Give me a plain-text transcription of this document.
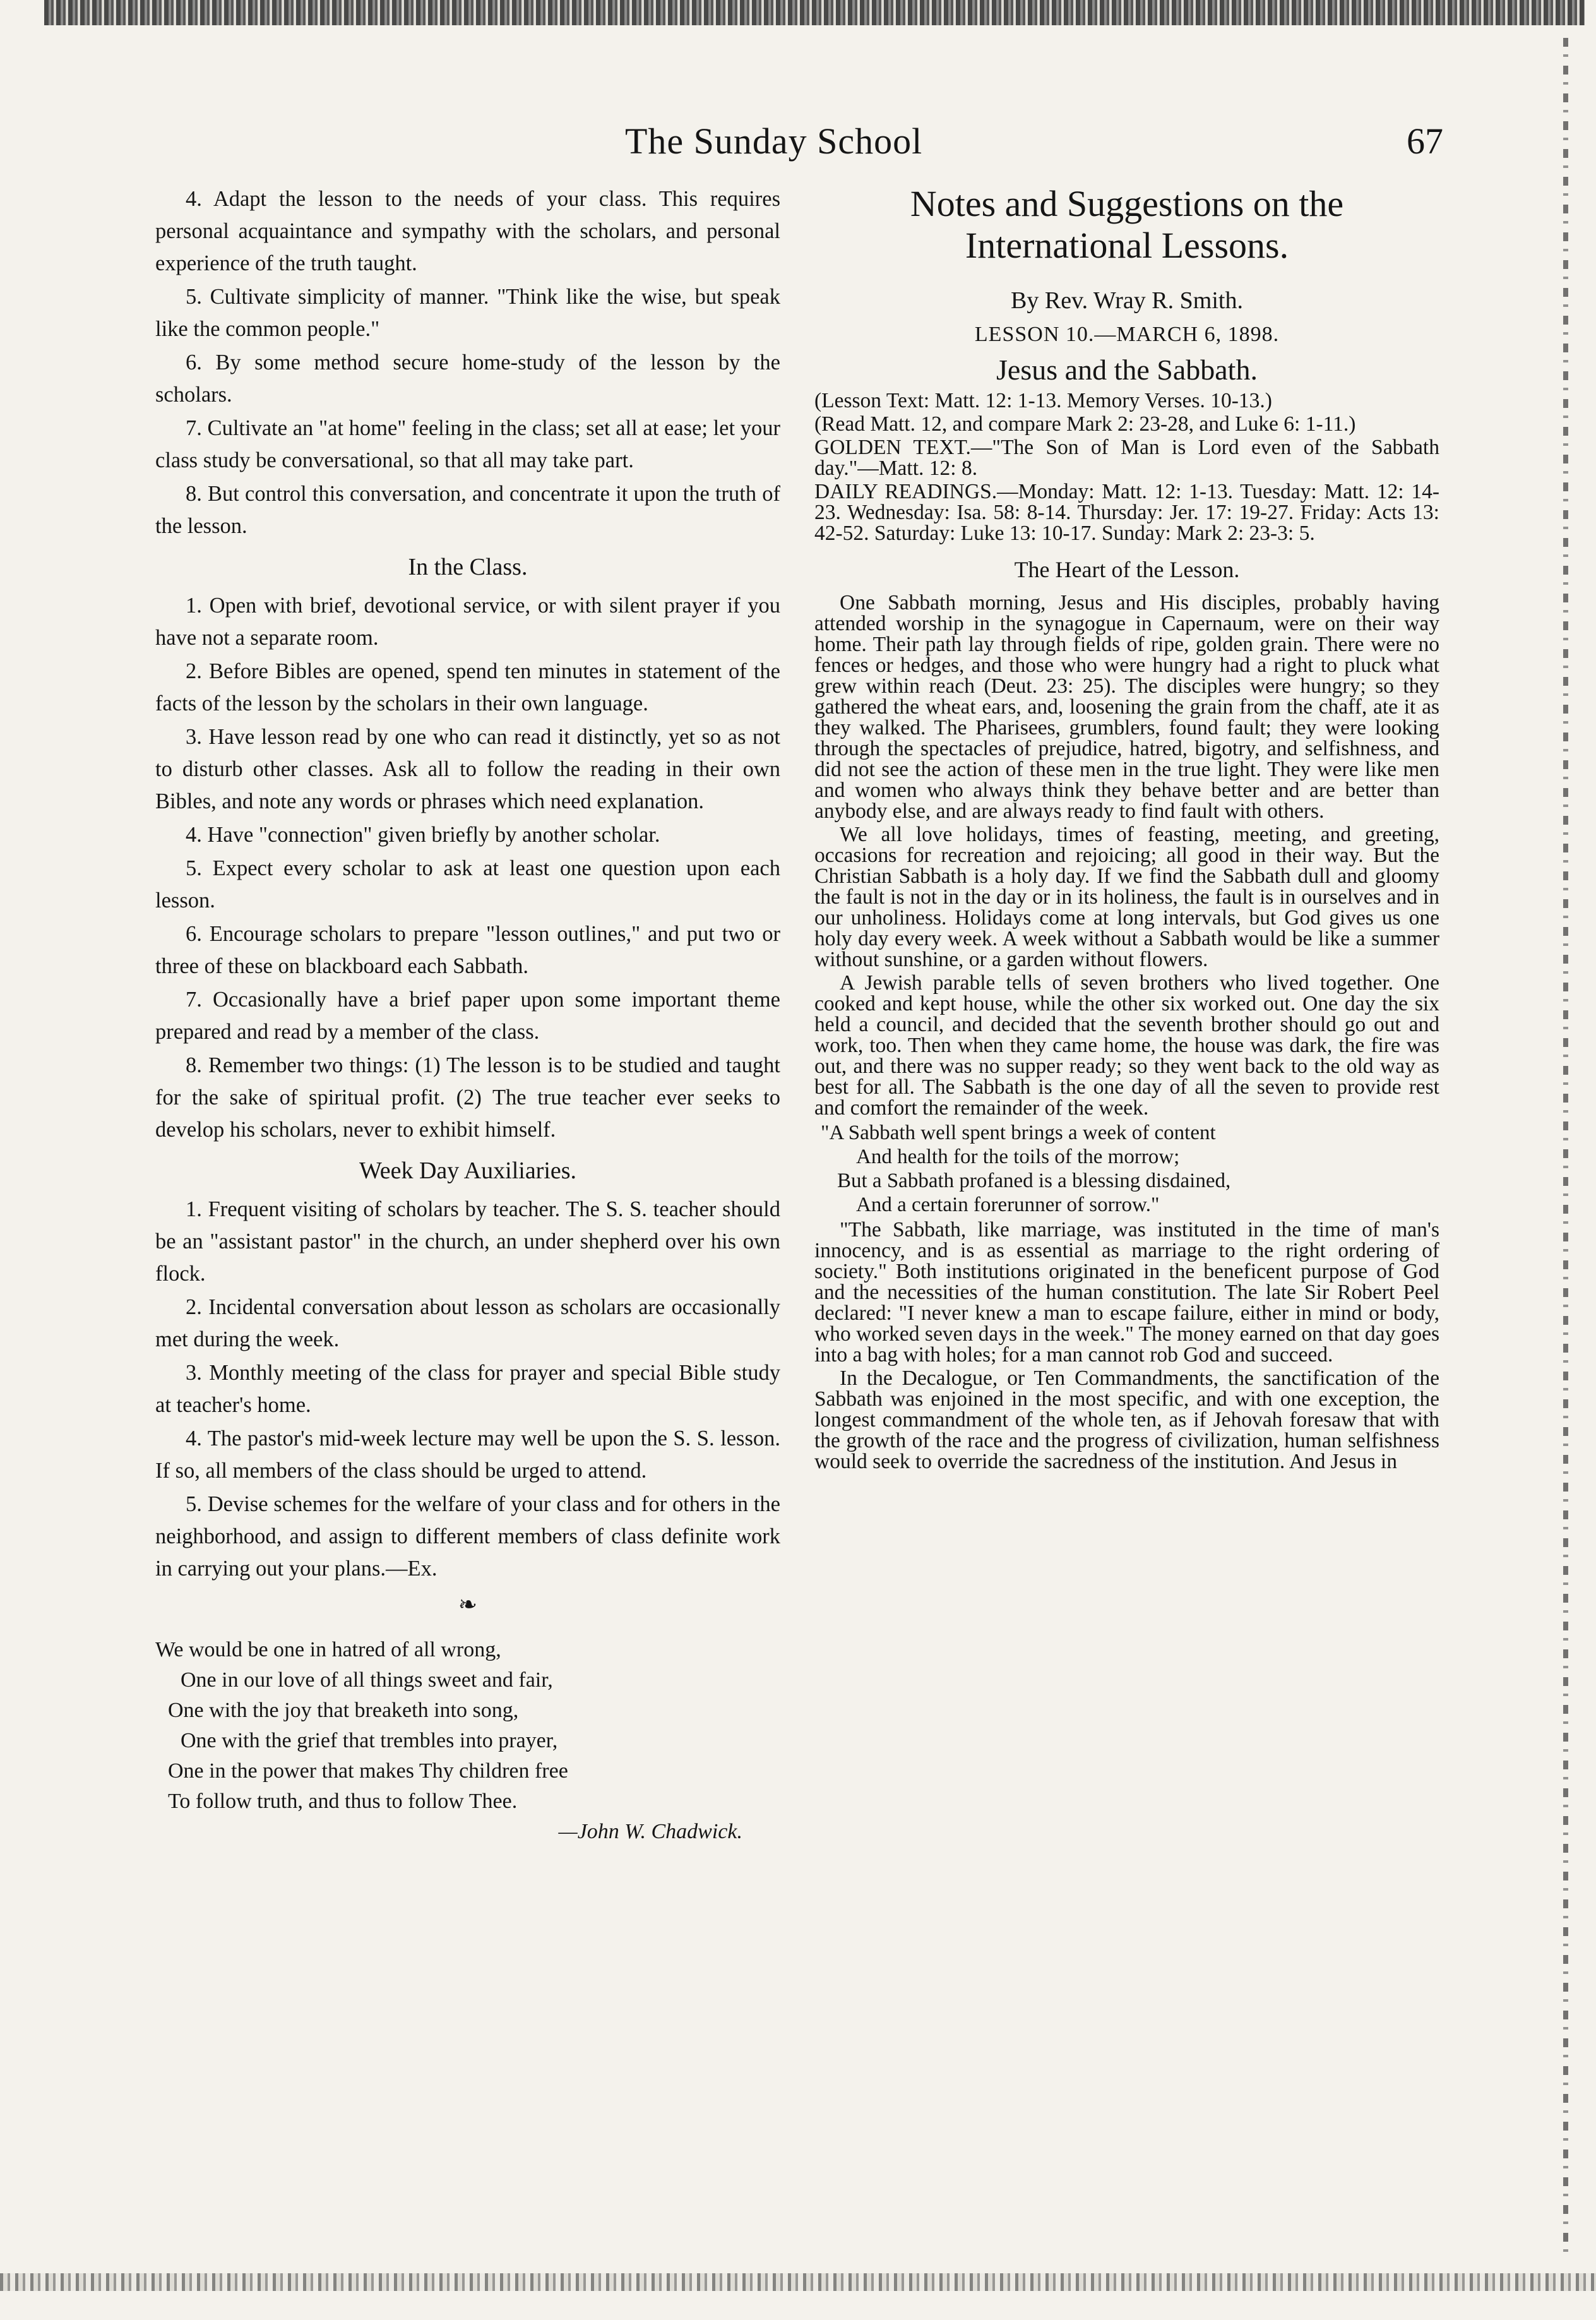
The Sunday School	67

4. Adapt the lesson to the needs of your class. This requires personal acquaintance and sympathy with the scholars, and personal experience of the truth taught.

5. Cultivate simplicity of manner. "Think like the wise, but speak like the common people."

6. By some method secure home-study of the lesson by the scholars.

7. Cultivate an "at home" feeling in the class; set all at ease; let your class study be conversational, so that all may take part.

8. But control this conversation, and concentrate it upon the truth of the lesson.

In the Class.

1. Open with brief, devotional service, or with silent prayer if you have not a separate room.

2. Before Bibles are opened, spend ten minutes in statement of the facts of the lesson by the scholars in their own language.

3. Have lesson read by one who can read it distinctly, yet so as not to disturb other classes. Ask all to follow the reading in their own Bibles, and note any words or phrases which need explanation.

4. Have "connection" given briefly by another scholar.

5. Expect every scholar to ask at least one question upon each lesson.

6. Encourage scholars to prepare "lesson outlines," and put two or three of these on blackboard each Sabbath.

7. Occasionally have a brief paper upon some important theme prepared and read by a member of the class.

8. Remember two things: (1) The lesson is to be studied and taught for the sake of spiritual profit. (2) The true teacher ever seeks to develop his scholars, never to exhibit himself.

Week Day Auxiliaries.

1. Frequent visiting of scholars by teacher. The S. S. teacher should be an "assistant pastor" in the church, an under shepherd over his own flock.

2. Incidental conversation about lesson as scholars are occasionally met during the week.

3. Monthly meeting of the class for prayer and special Bible study at teacher's home.

4. The pastor's mid-week lecture may well be upon the S. S. lesson. If so, all members of the class should be urged to attend.

5. Devise schemes for the welfare of your class and for others in the neighborhood, and assign to different members of class definite work in carrying out your plans.—Ex.

❧
We would be one in hatred of all wrong,
One in our love of all things sweet and fair,
One with the joy that breaketh into song,
One with the grief that trembles into prayer,
One in the power that makes Thy children free
To follow truth, and thus to follow Thee.
—John W. Chadwick.
Notes and Suggestions on the
International Lessons.
By Rev. Wray R. Smith.
LESSON 10.—MARCH 6, 1898.
Jesus and the Sabbath.

(Lesson Text: Matt. 12: 1-13. Memory Verses. 10-13.)

(Read Matt. 12, and compare Mark 2: 23-28, and Luke 6: 1-11.)

GOLDEN TEXT.—"The Son of Man is Lord even of the Sabbath day."—Matt. 12: 8.

DAILY READINGS.—Monday: Matt. 12: 1-13. Tuesday: Matt. 12: 14-23. Wednesday: Isa. 58: 8-14. Thursday: Jer. 17: 19-27. Friday: Acts 13: 42-52. Saturday: Luke 13: 10-17. Sunday: Mark 2: 23-3: 5.

The Heart of the Lesson.

One Sabbath morning, Jesus and His disciples, probably having attended worship in the synagogue in Capernaum, were on their way home. Their path lay through fields of ripe, golden grain. There were no fences or hedges, and those who were hungry had a right to pluck what grew within reach (Deut. 23: 25). The disciples were hungry; so they gathered the wheat ears, and, loosening the grain from the chaff, ate it as they walked. The Pharisees, grumblers, found fault; they were looking through the spectacles of prejudice, hatred, bigotry, and selfishness, and did not see the action of these men in the true light. They were like men and women who always think they behave better and are better than anybody else, and are always ready to find fault with others.

We all love holidays, times of feasting, meeting, and greeting, occasions for recreation and rejoicing; all good in their way. But the Christian Sabbath is a holy day. If we find the Sabbath dull and gloomy the fault is not in the day or in its holiness, the fault is in ourselves and in our unholiness. Holidays come at long intervals, but God gives us one holy day every week. A week without a Sabbath would be like a summer without sunshine, or a garden without flowers.

A Jewish parable tells of seven brothers who lived together. One cooked and kept house, while the other six worked out. One day the six held a council, and decided that the seventh brother should go out and work, too. Then when they came home, the house was dark, the fire was out, and there was no supper ready; so they went back to the old way as best for all. The Sabbath is the one day of all the seven to provide rest and comfort the remainder of the week.

"A Sabbath well spent brings a week of content
And health for the toils of the morrow;
But a Sabbath profaned is a blessing disdained,
And a certain forerunner of sorrow."

"The Sabbath, like marriage, was instituted in the time of man's innocency, and is as essential as marriage to the right ordering of society." Both institutions originated in the beneficent purpose of God and the necessities of the human constitution. The late Sir Robert Peel declared: "I never knew a man to escape failure, either in mind or body, who worked seven days in the week." The money earned on that day goes into a bag with holes; for a man cannot rob God and succeed.

In the Decalogue, or Ten Commandments, the sanctification of the Sabbath was enjoined in the most specific, and with one exception, the longest commandment of the whole ten, as if Jehovah foresaw that with the growth of the race and the progress of civilization, human selfishness would seek to override the sacredness of the institution. And Jesus in
